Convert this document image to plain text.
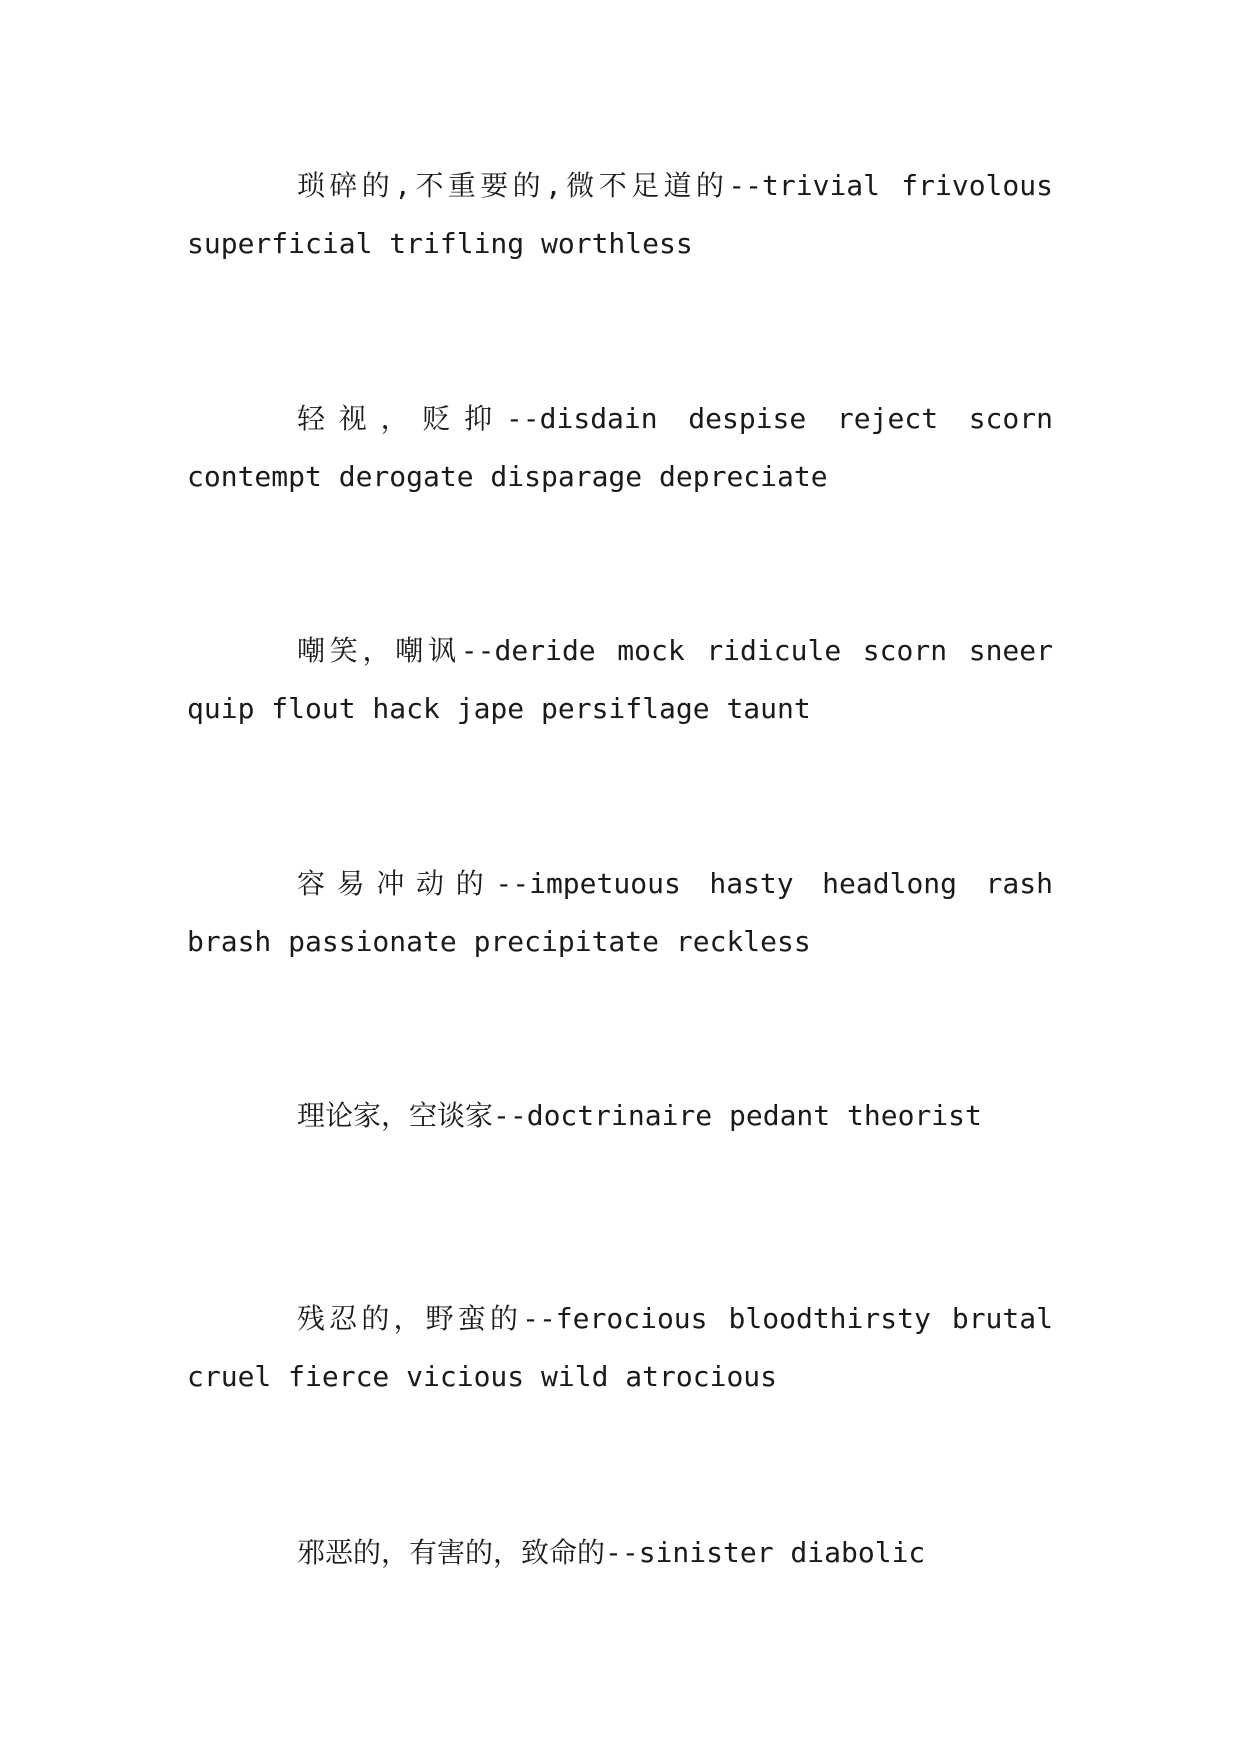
琐碎的,不重要的,微不足道的--trivial frivolous superficial trifling worthless

轻视，贬抑--disdain despise reject scorn contempt derogate disparage depreciate

嘲笑，嘲讽--deride mock ridicule scorn sneer quip flout hack jape persiflage taunt

容易冲动的--impetuous hasty headlong rash brash passionate precipitate reckless

理论家，空谈家--doctrinaire pedant theorist

残忍的，野蛮的--ferocious bloodthirsty brutal cruel fierce vicious wild atrocious

邪恶的，有害的，致命的--sinister diabolic
